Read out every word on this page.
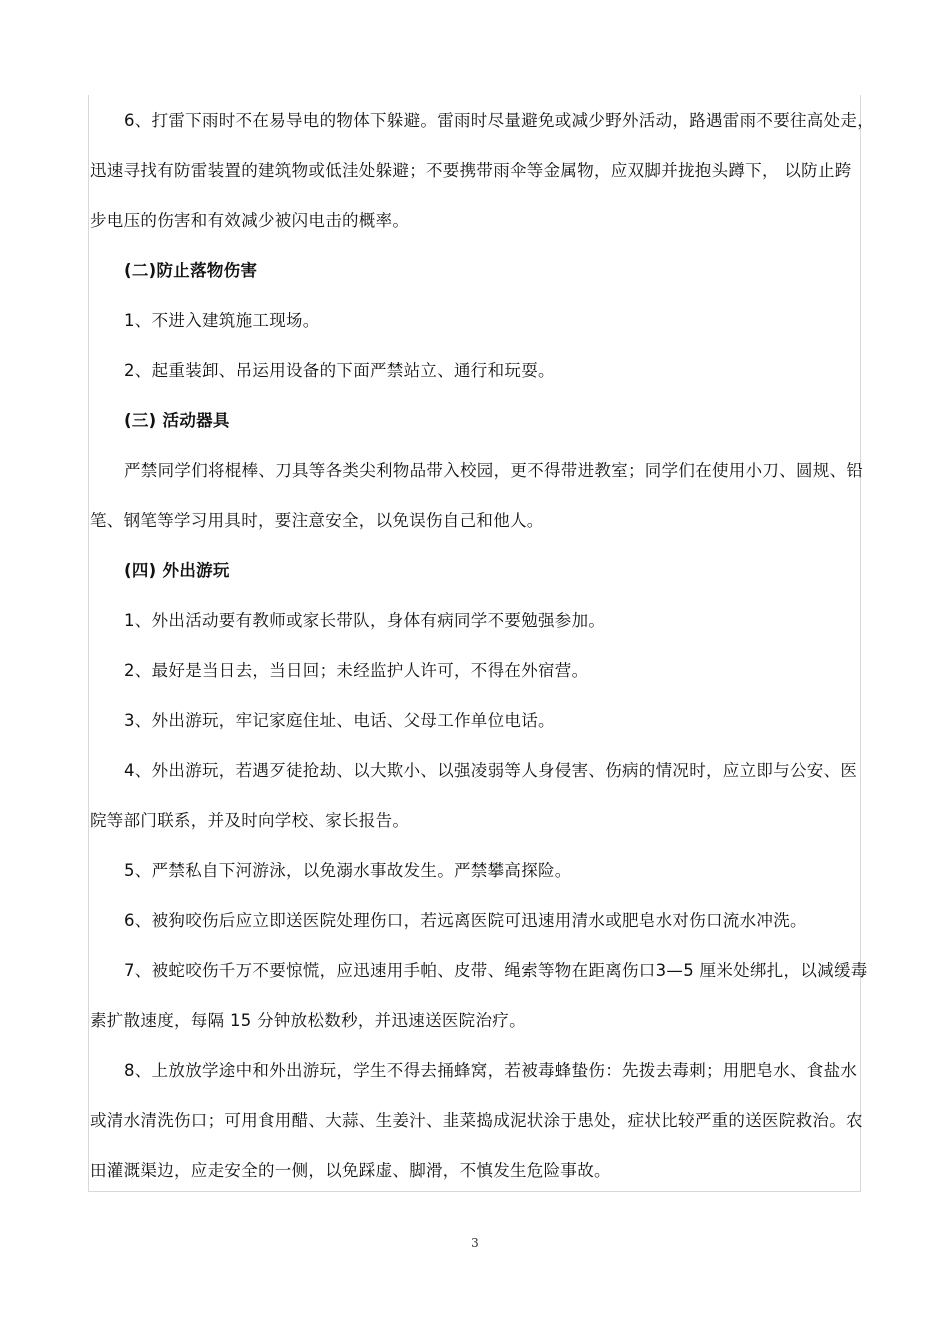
6、打雷下雨时不在易导电的物体下躲避。雷雨时尽量避免或减少野外活动，路遇雷雨不要往高处走，

迅速寻找有防雷装置的建筑物或低洼处躲避；不要携带雨伞等金属物，应双脚并拢抱头蹲下， 以防止跨

步电压的伤害和有效减少被闪电击的概率。

(二)防止落物伤害

1、不进入建筑施工现场。

2、起重装卸、吊运用设备的下面严禁站立、通行和玩耍。

(三) 活动器具

严禁同学们将棍棒、刀具等各类尖利物品带入校园，更不得带进教室；同学们在使用小刀、圆规、铅

笔、钢笔等学习用具时，要注意安全，以免误伤自己和他人。

(四) 外出游玩

1、外出活动要有教师或家长带队，身体有病同学不要勉强参加。

2、最好是当日去，当日回；未经监护人许可，不得在外宿营。

3、外出游玩，牢记家庭住址、电话、父母工作单位电话。

4、外出游玩，若遇歹徒抢劫、以大欺小、以强凌弱等人身侵害、伤病的情况时，应立即与公安、医

院等部门联系，并及时向学校、家长报告。

5、严禁私自下河游泳，以免溺水事故发生。严禁攀高探险。

6、被狗咬伤后应立即送医院处理伤口，若远离医院可迅速用清水或肥皂水对伤口流水冲洗。

7、被蛇咬伤千万不要惊慌，应迅速用手帕、皮带、绳索等物在距离伤口3—5 厘米处绑扎，以减缓毒

素扩散速度，每隔 15 分钟放松数秒，并迅速送医院治疗。

8、上放放学途中和外出游玩，学生不得去捅蜂窝，若被毒蜂蛰伤：先拨去毒刺；用肥皂水、食盐水

或清水清洗伤口；可用食用醋、大蒜、生姜汁、韭菜捣成泥状涂于患处，症状比较严重的送医院救治。农

田灌溉渠边，应走安全的一侧，以免踩虚、脚滑，不慎发生危险事故。

3
